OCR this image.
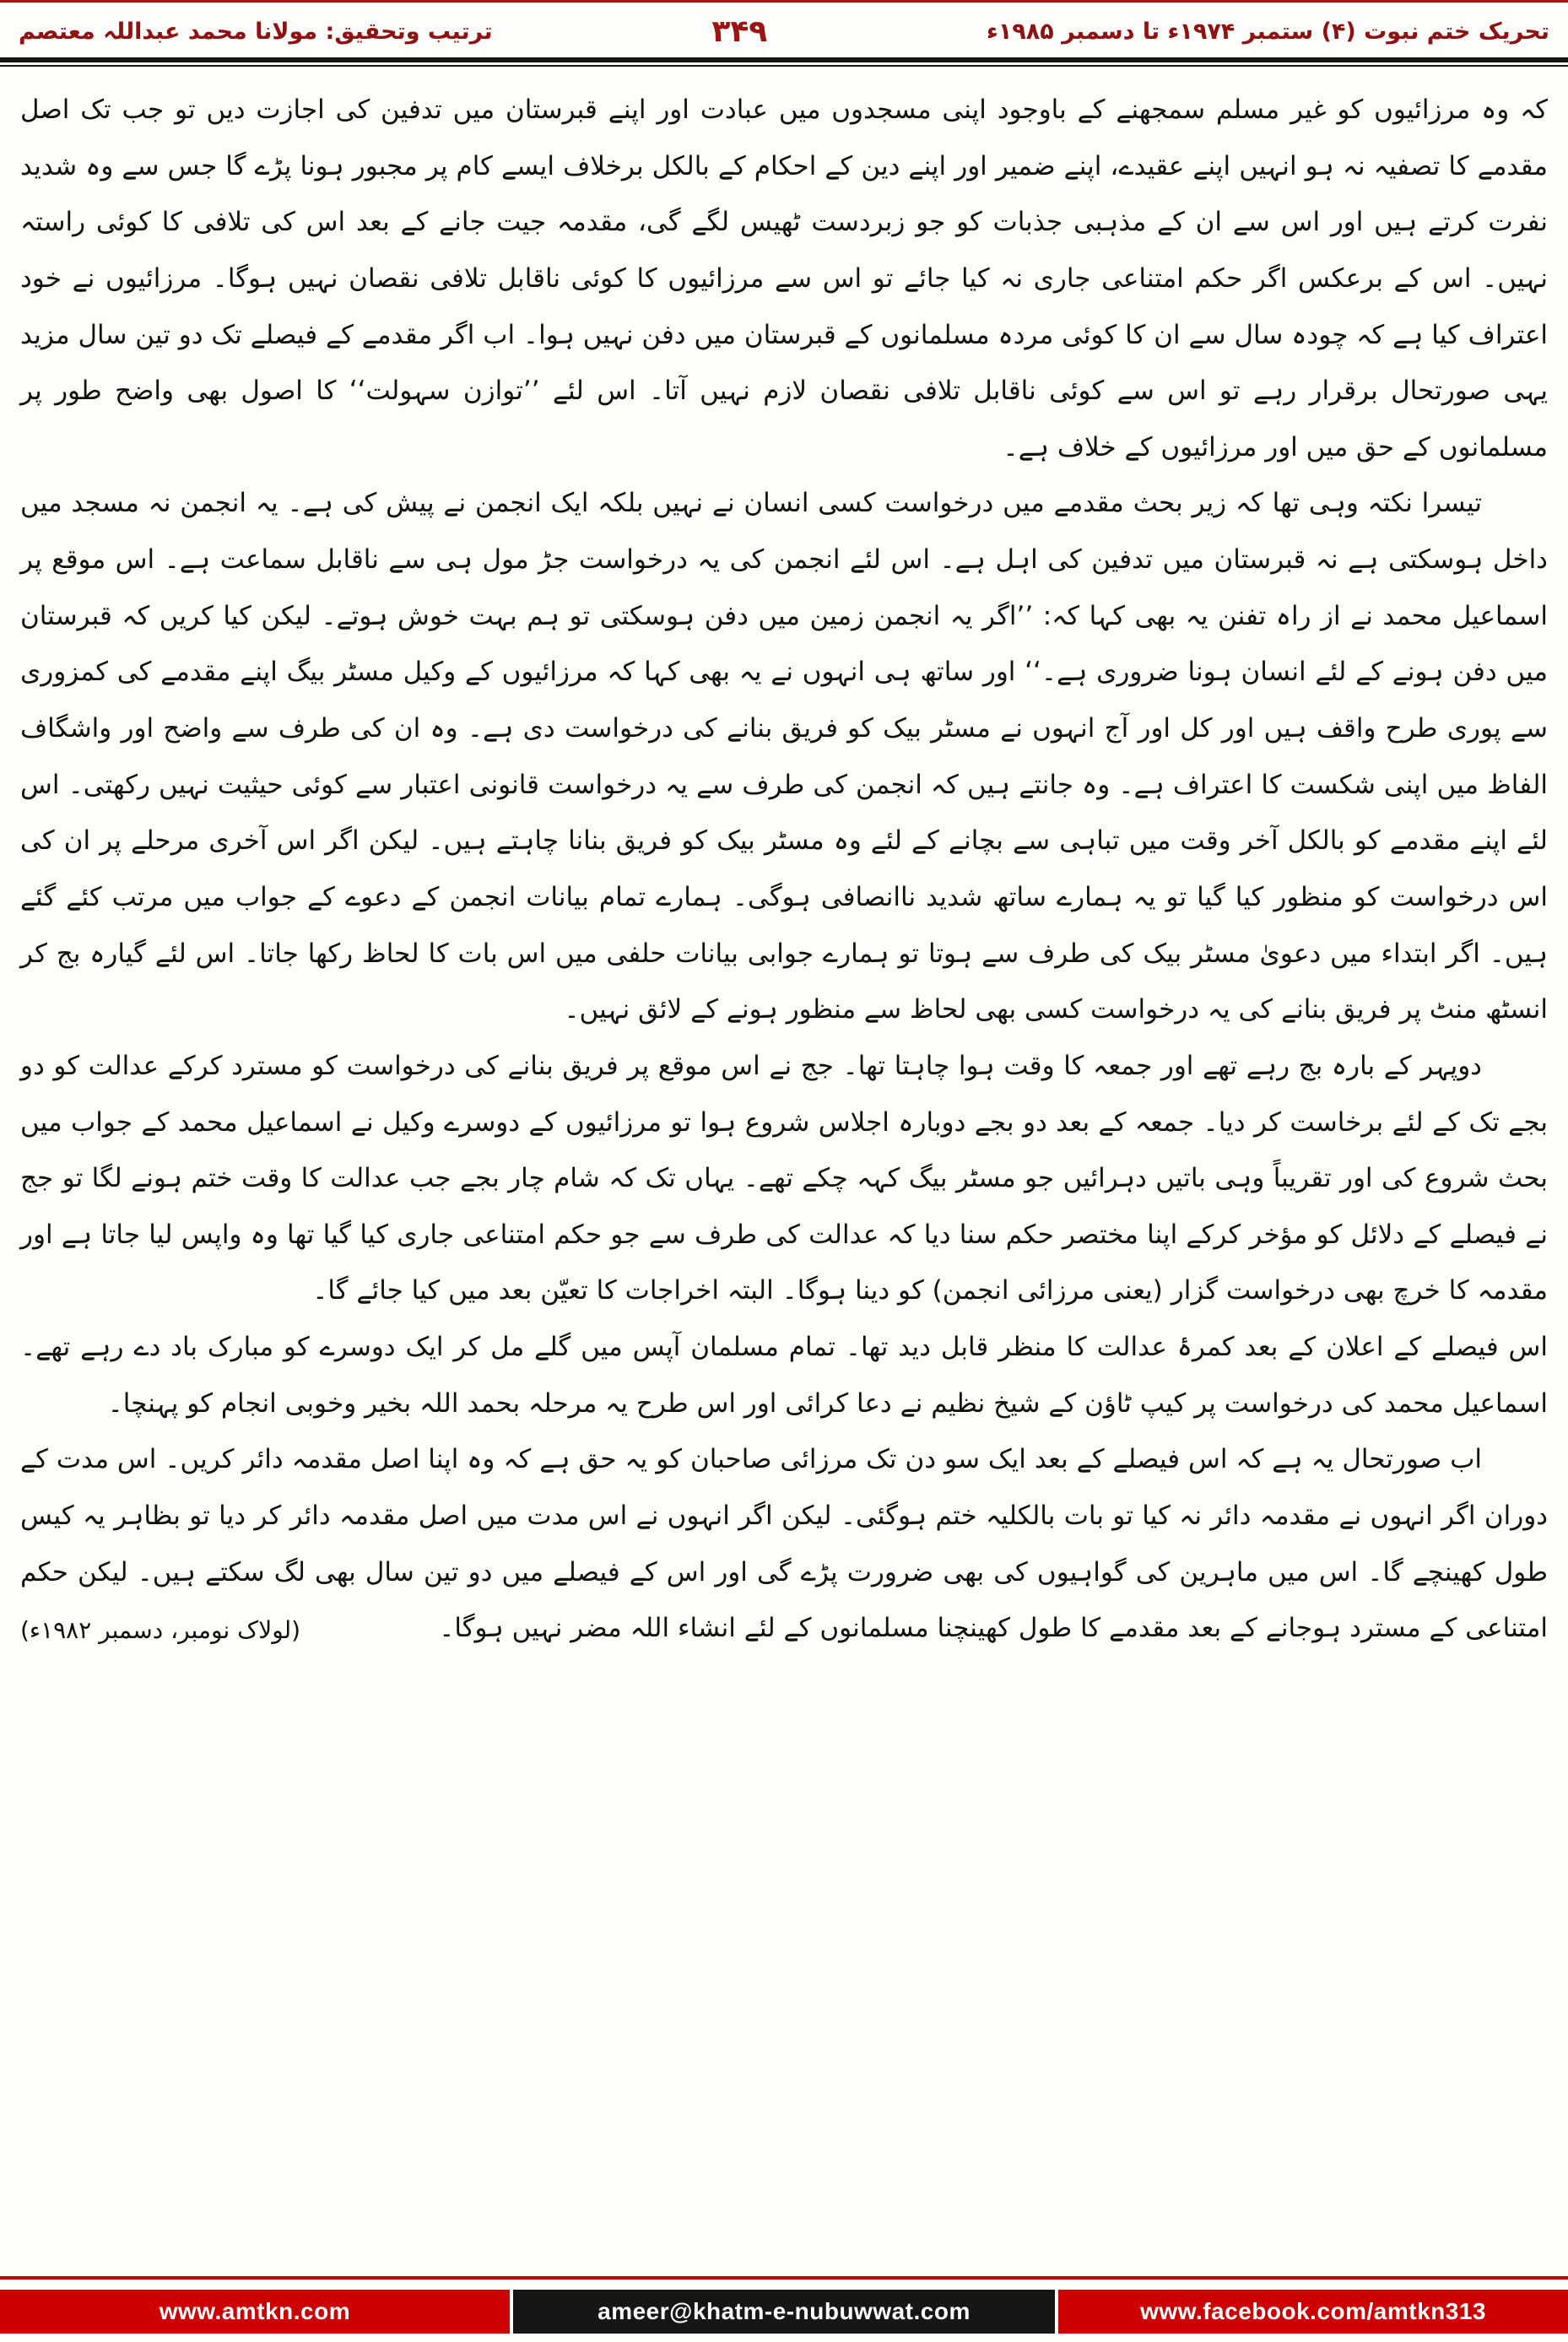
تحریک ختم نبوت (۴) ستمبر ۱۹۷۴ء تا دسمبر ۱۹۸۵ء
۳۴۹
ترتیب وتحقیق: مولانا محمد عبداللہ معتصم

کہ وہ مرزائیوں کو غیر مسلم سمجھنے کے باوجود اپنی مسجدوں میں عبادت اور اپنے قبرستان میں تدفین کی اجازت دیں تو جب تک اصل مقدمے کا تصفیہ نہ ہو انہیں اپنے عقیدے، اپنے ضمیر اور اپنے دین کے احکام کے بالکل برخلاف ایسے کام پر مجبور ہونا پڑے گا جس سے وہ شدید نفرت کرتے ہیں اور اس سے ان کے مذہبی جذبات کو جو زبردست ٹھیس لگے گی، مقدمہ جیت جانے کے بعد اس کی تلافی کا کوئی راستہ نہیں۔ اس کے برعکس اگر حکم امتناعی جاری نہ کیا جائے تو اس سے مرزائیوں کا کوئی ناقابل تلافی نقصان نہیں ہوگا۔ مرزائیوں نے خود اعتراف کیا ہے کہ چودہ سال سے ان کا کوئی مردہ مسلمانوں کے قبرستان میں دفن نہیں ہوا۔ اب اگر مقدمے کے فیصلے تک دو تین سال مزید یہی صورتحال برقرار رہے تو اس سے کوئی ناقابل تلافی نقصان لازم نہیں آتا۔ اس لئے ’’توازن سہولت‘‘ کا اصول بھی واضح طور پر مسلمانوں کے حق میں اور مرزائیوں کے خلاف ہے۔

تیسرا نکتہ وہی تھا کہ زیر بحث مقدمے میں درخواست کسی انسان نے نہیں بلکہ ایک انجمن نے پیش کی ہے۔ یہ انجمن نہ مسجد میں داخل ہوسکتی ہے نہ قبرستان میں تدفین کی اہل ہے۔ اس لئے انجمن کی یہ درخواست جڑ مول ہی سے ناقابل سماعت ہے۔ اس موقع پر اسماعیل محمد نے از راہ تفنن یہ بھی کہا کہ: ’’اگر یہ انجمن زمین میں دفن ہوسکتی تو ہم بہت خوش ہوتے۔ لیکن کیا کریں کہ قبرستان میں دفن ہونے کے لئے انسان ہونا ضروری ہے۔‘‘ اور ساتھ ہی انہوں نے یہ بھی کہا کہ مرزائیوں کے وکیل مسٹر بیگ اپنے مقدمے کی کمزوری سے پوری طرح واقف ہیں اور کل اور آج انہوں نے مسٹر بیک کو فریق بنانے کی درخواست دی ہے۔ وہ ان کی طرف سے واضح اور واشگاف الفاظ میں اپنی شکست کا اعتراف ہے۔ وہ جانتے ہیں کہ انجمن کی طرف سے یہ درخواست قانونی اعتبار سے کوئی حیثیت نہیں رکھتی۔ اس لئے اپنے مقدمے کو بالکل آخر وقت میں تباہی سے بچانے کے لئے وہ مسٹر بیک کو فریق بنانا چاہتے ہیں۔ لیکن اگر اس آخری مرحلے پر ان کی اس درخواست کو منظور کیا گیا تو یہ ہمارے ساتھ شدید ناانصافی ہوگی۔ ہمارے تمام بیانات انجمن کے دعوے کے جواب میں مرتب کئے گئے ہیں۔ اگر ابتداء میں دعویٰ مسٹر بیک کی طرف سے ہوتا تو ہمارے جوابی بیانات حلفی میں اس بات کا لحاظ رکھا جاتا۔ اس لئے گیارہ بج کر انسٹھ منٹ پر فریق بنانے کی یہ درخواست کسی بھی لحاظ سے منظور ہونے کے لائق نہیں۔

دوپہر کے بارہ بج رہے تھے اور جمعہ کا وقت ہوا چاہتا تھا۔ جج نے اس موقع پر فریق بنانے کی درخواست کو مسترد کرکے عدالت کو دو بجے تک کے لئے برخاست کر دیا۔ جمعہ کے بعد دو بجے دوبارہ اجلاس شروع ہوا تو مرزائیوں کے دوسرے وکیل نے اسماعیل محمد کے جواب میں بحث شروع کی اور تقریباً وہی باتیں دہرائیں جو مسٹر بیگ کہہ چکے تھے۔ یہاں تک کہ شام چار بجے جب عدالت کا وقت ختم ہونے لگا تو جج نے فیصلے کے دلائل کو مؤخر کرکے اپنا مختصر حکم سنا دیا کہ عدالت کی طرف سے جو حکم امتناعی جاری کیا گیا تھا وہ واپس لیا جاتا ہے اور مقدمہ کا خرچ بھی درخواست گزار (یعنی مرزائی انجمن) کو دینا ہوگا۔ البتہ اخراجات کا تعیّن بعد میں کیا جائے گا۔

اس فیصلے کے اعلان کے بعد کمرۂ عدالت کا منظر قابل دید تھا۔ تمام مسلمان آپس میں گلے مل کر ایک دوسرے کو مبارک باد دے رہے تھے۔ اسماعیل محمد کی درخواست پر کیپ ٹاؤن کے شیخ نظیم نے دعا کرائی اور اس طرح یہ مرحلہ بحمد اللہ بخیر وخوبی انجام کو پہنچا۔

اب صورتحال یہ ہے کہ اس فیصلے کے بعد ایک سو دن تک مرزائی صاحبان کو یہ حق ہے کہ وہ اپنا اصل مقدمہ دائر کریں۔ اس مدت کے دوران اگر انہوں نے مقدمہ دائر نہ کیا تو بات بالکلیہ ختم ہوگئی۔ لیکن اگر انہوں نے اس مدت میں اصل مقدمہ دائر کر دیا تو بظاہر یہ کیس طول کھینچے گا۔ اس میں ماہرین کی گواہیوں کی بھی ضرورت پڑے گی اور اس کے فیصلے میں دو تین سال بھی لگ سکتے ہیں۔ لیکن حکم امتناعی کے مسترد ہوجانے کے بعد مقدمے کا طول کھینچنا مسلمانوں کے لئے انشاء اللہ مضر نہیں ہوگا۔
(لولاک نومبر، دسمبر ۱۹۸۲ء)

www.amtkn.com	ameer@khatm-e-nubuwwat.com	www.facebook.com/amtkn313
